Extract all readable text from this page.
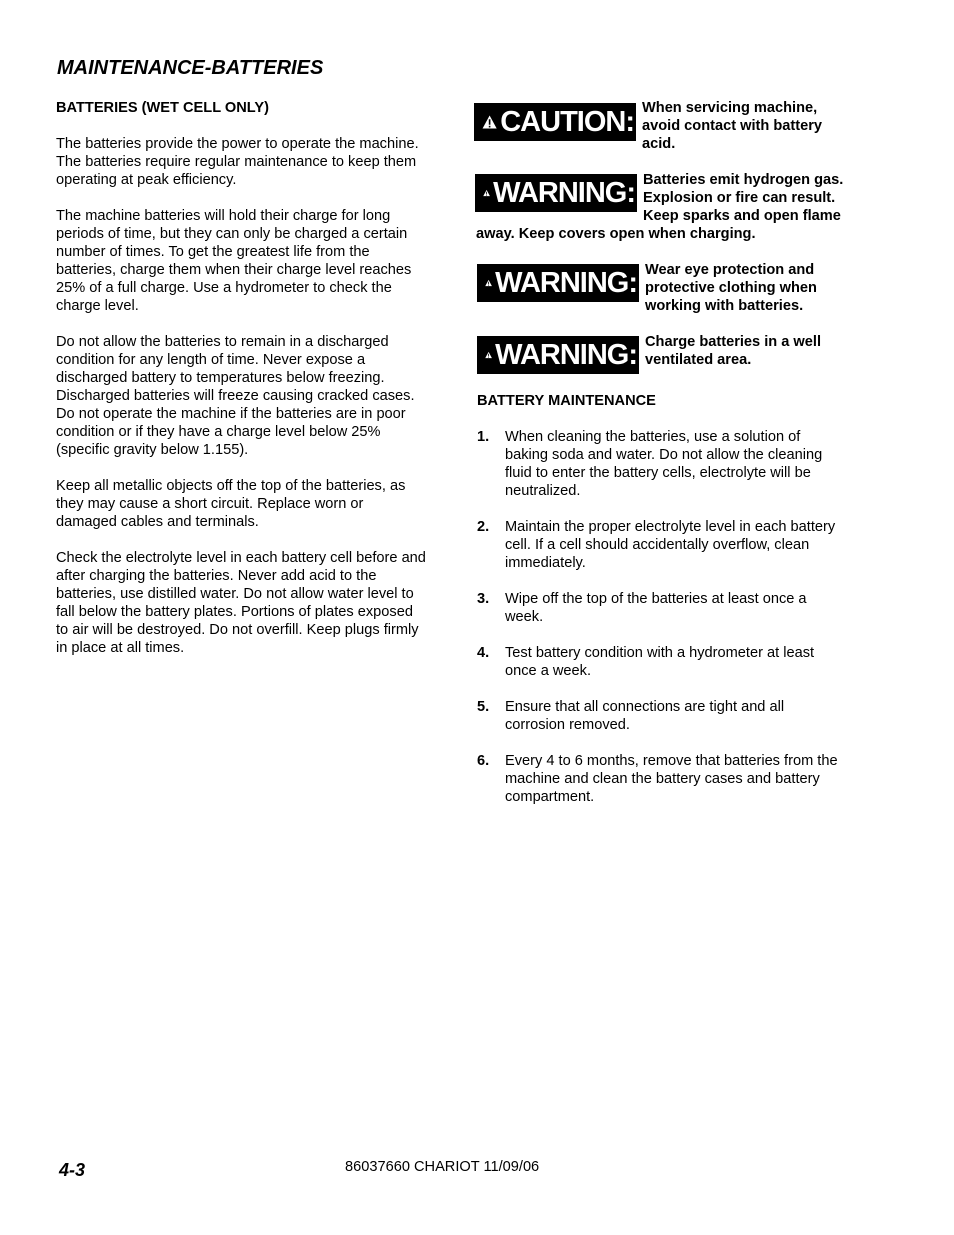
MAINTENANCE-BATTERIES
BATTERIES (WET CELL ONLY)

The batteries provide the power to operate the machine. The batteries require regular maintenance to keep them operating at peak efficiency.

The machine batteries will hold their charge for long periods of time, but they can only be charged a certain number of times. To get the greatest life from the batteries, charge them when their charge level reaches 25% of a full charge. Use a hydrometer to check the charge level.

Do not allow the batteries to remain in a discharged condition for any length of time. Never expose a discharged battery to temperatures below freezing. Discharged batteries will freeze causing cracked cases. Do not operate the machine if the batteries are in poor condition or if they have a charge level below 25% (specific gravity below 1.155).

Keep all metallic objects off the top of the batteries, as they may cause a short circuit. Replace worn or damaged cables and terminals.

Check the electrolyte level in each battery cell before and after charging the batteries. Never add acid to the batteries, use distilled water. Do not allow water level to fall below the battery plates. Portions of plates exposed to air will be destroyed. Do not overfill. Keep plugs firmly in place at all times.

CAUTION: When servicing machine, avoid contact with battery acid.
WARNING: Batteries emit hydrogen gas. Explosion or fire can result. Keep sparks and open flame away. Keep covers open when charging.
WARNING: Wear eye protection and protective clothing when working with batteries.
WARNING: Charge batteries in a well ventilated area.
BATTERY MAINTENANCE
1.	When cleaning the batteries, use a solution of baking soda and water. Do not allow the cleaning fluid to enter the battery cells, electrolyte will be neutralized.
2.	Maintain the proper electrolyte level in each battery cell. If a cell should accidentally overflow, clean immediately.
3.	Wipe off the top of the batteries at least once a week.
4.	Test battery condition with a hydrometer at least once a week.
5.	Ensure that all connections are tight and all corrosion removed.
6.	Every 4 to 6 months, remove that batteries from the machine and clean the battery cases and battery compartment.
4-3	86037660 CHARIOT 11/09/06
